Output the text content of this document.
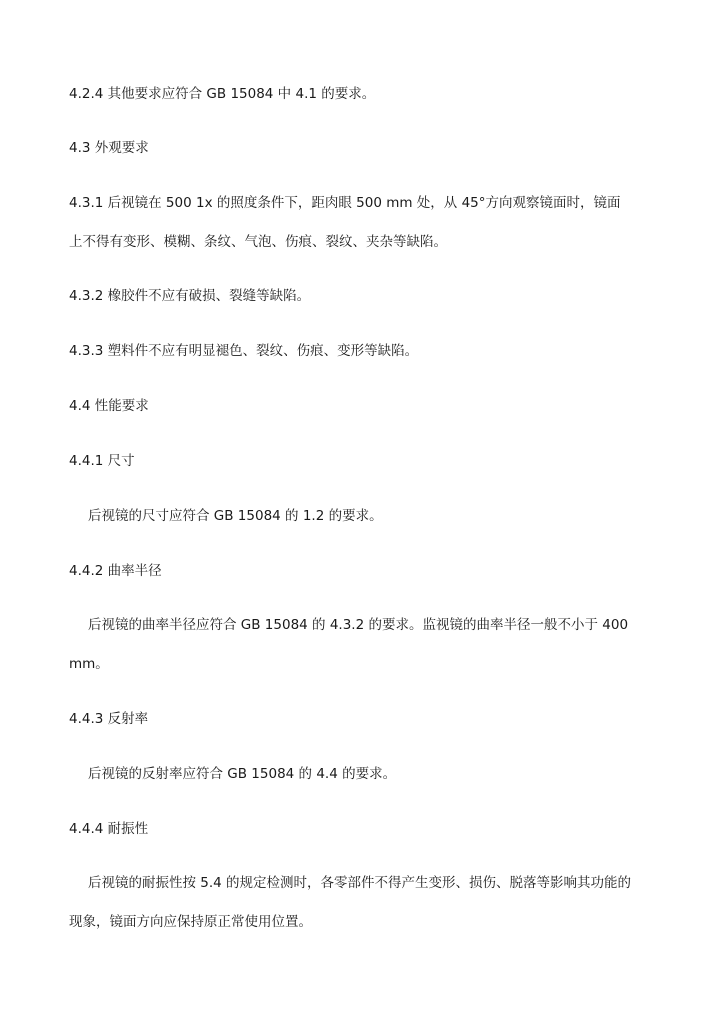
4.2.4 其他要求应符合 GB 15084 中 4.1 的要求。
4.3 外观要求
4.3.1 后视镜在 500 1x 的照度条件下，距肉眼 500 mm 处，从 45°方向观察镜面时，镜面
上不得有变形、模糊、条纹、气泡、伤痕、裂纹、夹杂等缺陷。
4.3.2 橡胶件不应有破损、裂缝等缺陷。
4.3.3 塑料件不应有明显褪色、裂纹、伤痕、变形等缺陷。
4.4 性能要求
4.4.1 尺寸
后视镜的尺寸应符合 GB 15084 的 1.2 的要求。
4.4.2 曲率半径
后视镜的曲率半径应符合 GB 15084 的 4.3.2 的要求。监视镜的曲率半径一般不小于 400
mm。
4.4.3 反射率
后视镜的反射率应符合 GB 15084 的 4.4 的要求。
4.4.4 耐振性
后视镜的耐振性按 5.4 的规定检测时，各零部件不得产生变形、损伤、脱落等影响其功能的
现象，镜面方向应保持原正常使用位置。
